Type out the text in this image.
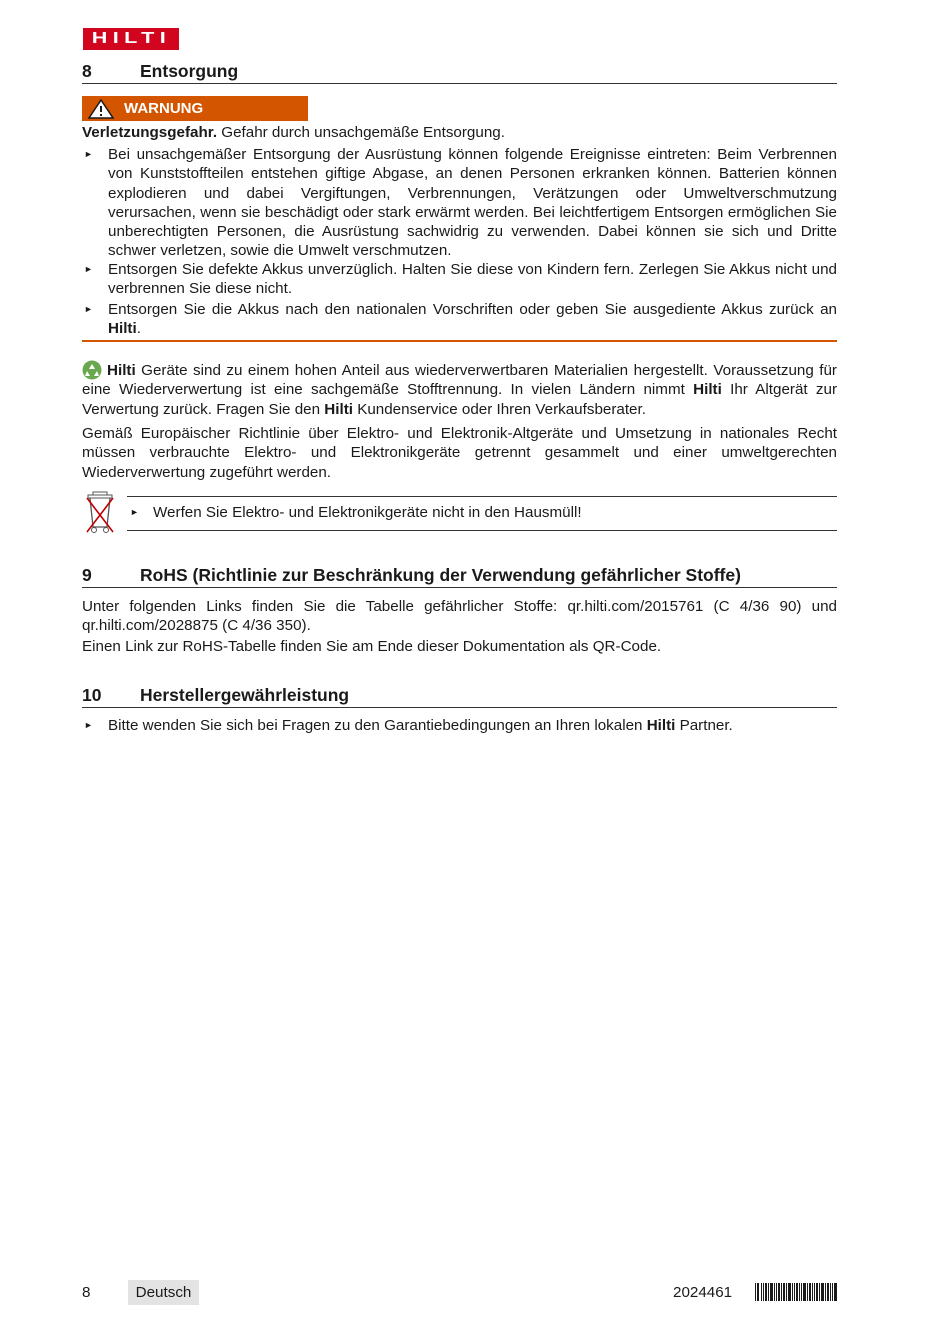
HILTI
8	Entsorgung
WARNUNG
Verletzungsgefahr. Gefahr durch unsachgemäße Entsorgung.
► Bei unsachgemäßer Entsorgung der Ausrüstung können folgende Ereignisse eintreten: Beim Verbrennen von Kunststoffteilen entstehen giftige Abgase, an denen Personen erkranken können. Batterien können explodieren und dabei Vergiftungen, Verbrennungen, Verätzungen oder Umweltverschmutzung verursachen, wenn sie beschädigt oder stark erwärmt werden. Bei leichtfertigem Entsorgen ermöglichen Sie unberechtigten Personen, die Ausrüstung sachwidrig zu verwenden. Dabei können sie sich und Dritte schwer verletzen, sowie die Umwelt verschmutzen.
► Entsorgen Sie defekte Akkus unverzüglich. Halten Sie diese von Kindern fern. Zerlegen Sie Akkus nicht und verbrennen Sie diese nicht.
► Entsorgen Sie die Akkus nach den nationalen Vorschriften oder geben Sie ausgediente Akkus zurück an Hilti.
Hilti Geräte sind zu einem hohen Anteil aus wiederverwertbaren Materialien hergestellt. Voraussetzung für eine Wiederverwertung ist eine sachgemäße Stofftrennung. In vielen Ländern nimmt Hilti Ihr Altgerät zur Verwertung zurück. Fragen Sie den Hilti Kundenservice oder Ihren Verkaufsberater.
Gemäß Europäischer Richtlinie über Elektro- und Elektronik-Altgeräte und Umsetzung in nationales Recht müssen verbrauchte Elektro- und Elektronikgeräte getrennt gesammelt und einer umweltgerechten Wiederverwertung zugeführt werden.
► Werfen Sie Elektro- und Elektronikgeräte nicht in den Hausmüll!
9	RoHS (Richtlinie zur Beschränkung der Verwendung gefährlicher Stoffe)
Unter folgenden Links finden Sie die Tabelle gefährlicher Stoffe: qr.hilti.com/2015761 (C 4/36 90) und qr.hilti.com/2028875 (C 4/36 350).
Einen Link zur RoHS-Tabelle finden Sie am Ende dieser Dokumentation als QR-Code.
10	Herstellergewährleistung
► Bitte wenden Sie sich bei Fragen zu den Garantiebedingungen an Ihren lokalen Hilti Partner.
8	Deutsch	2024461
